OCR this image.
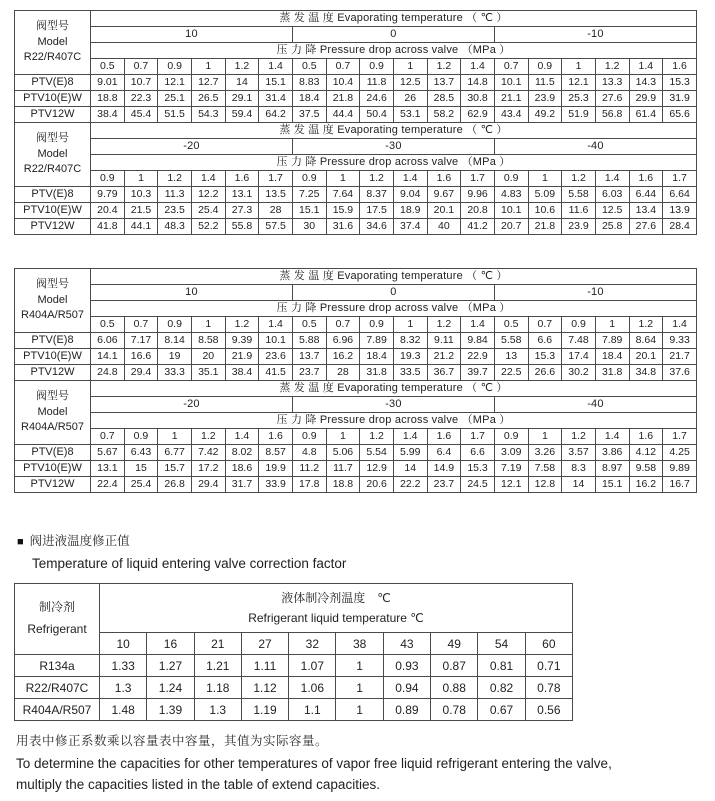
阀型号
Model
R22/R407C	蒸 发 温 度 Evaporating temperature （ ℃ ）																	
	10						0						-10					
	压 力 降 Pressure drop across valve （MPa ）																	
	0.5	0.7	0.9	1	1.2	1.4	0.5	0.7	0.9	1	1.2	1.4	0.7	0.9	1	1.2	1.4	1.6
PTV(E)8	9.01	10.7	12.1	12.7	14	15.1	8.83	10.4	11.8	12.5	13.7	14.8	10.1	11.5	12.1	13.3	14.3	15.3
PTV10(E)W	18.8	22.3	25.1	26.5	29.1	31.4	18.4	21.8	24.6	26	28.5	30.8	21.1	23.9	25.3	27.6	29.9	31.9
PTV12W	38.4	45.4	51.5	54.3	59.4	64.2	37.5	44.4	50.4	53.1	58.2	62.9	43.4	49.2	51.9	56.8	61.4	65.6
阀型号
Model
R22/R407C	蒸 发 温 度 Evaporating temperature （ ℃ ）																	
	-20						-30						-40					
	压 力 降 Pressure drop across valve （MPa ）																	
	0.9	1	1.2	1.4	1.6	1.7	0.9	1	1.2	1.4	1.6	1.7	0.9	1	1.2	1.4	1.6	1.7
PTV(E)8	9.79	10.3	11.3	12.2	13.1	13.5	7.25	7.64	8.37	9.04	9.67	9.96	4.83	5.09	5.58	6.03	6.44	6.64
PTV10(E)W	20.4	21.5	23.5	25.4	27.3	28	15.1	15.9	17.5	18.9	20.1	20.8	10.1	10.6	11.6	12.5	13.4	13.9
PTV12W	41.8	44.1	48.3	52.2	55.8	57.5	30	31.6	34.6	37.4	40	41.2	20.7	21.8	23.9	25.8	27.6	28.4
阀型号
Model
R404A/R507	蒸 发 温 度 Evaporating temperature （ ℃ ）																	
	10						0						-10					
	压 力 降 Pressure drop across valve （MPa ）																	
	0.5	0.7	0.9	1	1.2	1.4	0.5	0.7	0.9	1	1.2	1.4	0.5	0.7	0.9	1	1.2	1.4
PTV(E)8	6.06	7.17	8.14	8.58	9.39	10.1	5.88	6.96	7.89	8.32	9.11	9.84	5.58	6.6	7.48	7.89	8.64	9.33
PTV10(E)W	14.1	16.6	19	20	21.9	23.6	13.7	16.2	18.4	19.3	21.2	22.9	13	15.3	17.4	18.4	20.1	21.7
PTV12W	24.8	29.4	33.3	35.1	38.4	41.5	23.7	28	31.8	33.5	36.7	39.7	22.5	26.6	30.2	31.8	34.8	37.6
阀型号
Model
R404A/R507	蒸 发 温 度 Evaporating temperature （ ℃ ）																	
	-20						-30						-40					
	压 力 降 Pressure drop across valve （MPa ）																	
	0.7	0.9	1	1.2	1.4	1.6	0.9	1	1.2	1.4	1.6	1.7	0.9	1	1.2	1.4	1.6	1.7
PTV(E)8	5.67	6.43	6.77	7.42	8.02	8.57	4.8	5.06	5.54	5.99	6.4	6.6	3.09	3.26	3.57	3.86	4.12	4.25
PTV10(E)W	13.1	15	15.7	17.2	18.6	19.9	11.2	11.7	12.9	14	14.9	15.3	7.19	7.58	8.3	8.97	9.58	9.89
PTV12W	22.4	25.4	26.8	29.4	31.7	33.9	17.8	18.8	20.6	22.2	23.7	24.5	12.1	12.8	14	15.1	16.2	16.7
■ 阀进液温度修正值
Temperature of liquid entering valve correction factor
制冷剂
Refrigerant	液体制冷剂温度　℃
Refrigerant liquid temperature ℃									
	10	16	21	27	32	38	43	49	54	60
R134a	1.33	1.27	1.21	1.11	1.07	1	0.93	0.87	0.81	0.71
R22/R407C	1.3	1.24	1.18	1.12	1.06	1	0.94	0.88	0.82	0.78
R404A/R507	1.48	1.39	1.3	1.19	1.1	1	0.89	0.78	0.67	0.56
用表中修正系数乘以容量表中容量，其值为实际容量。
To determine the capacities for other temperatures of vapor free liquid refrigerant entering the valve,
multiply the capacities listed in the table of extend capacities.
